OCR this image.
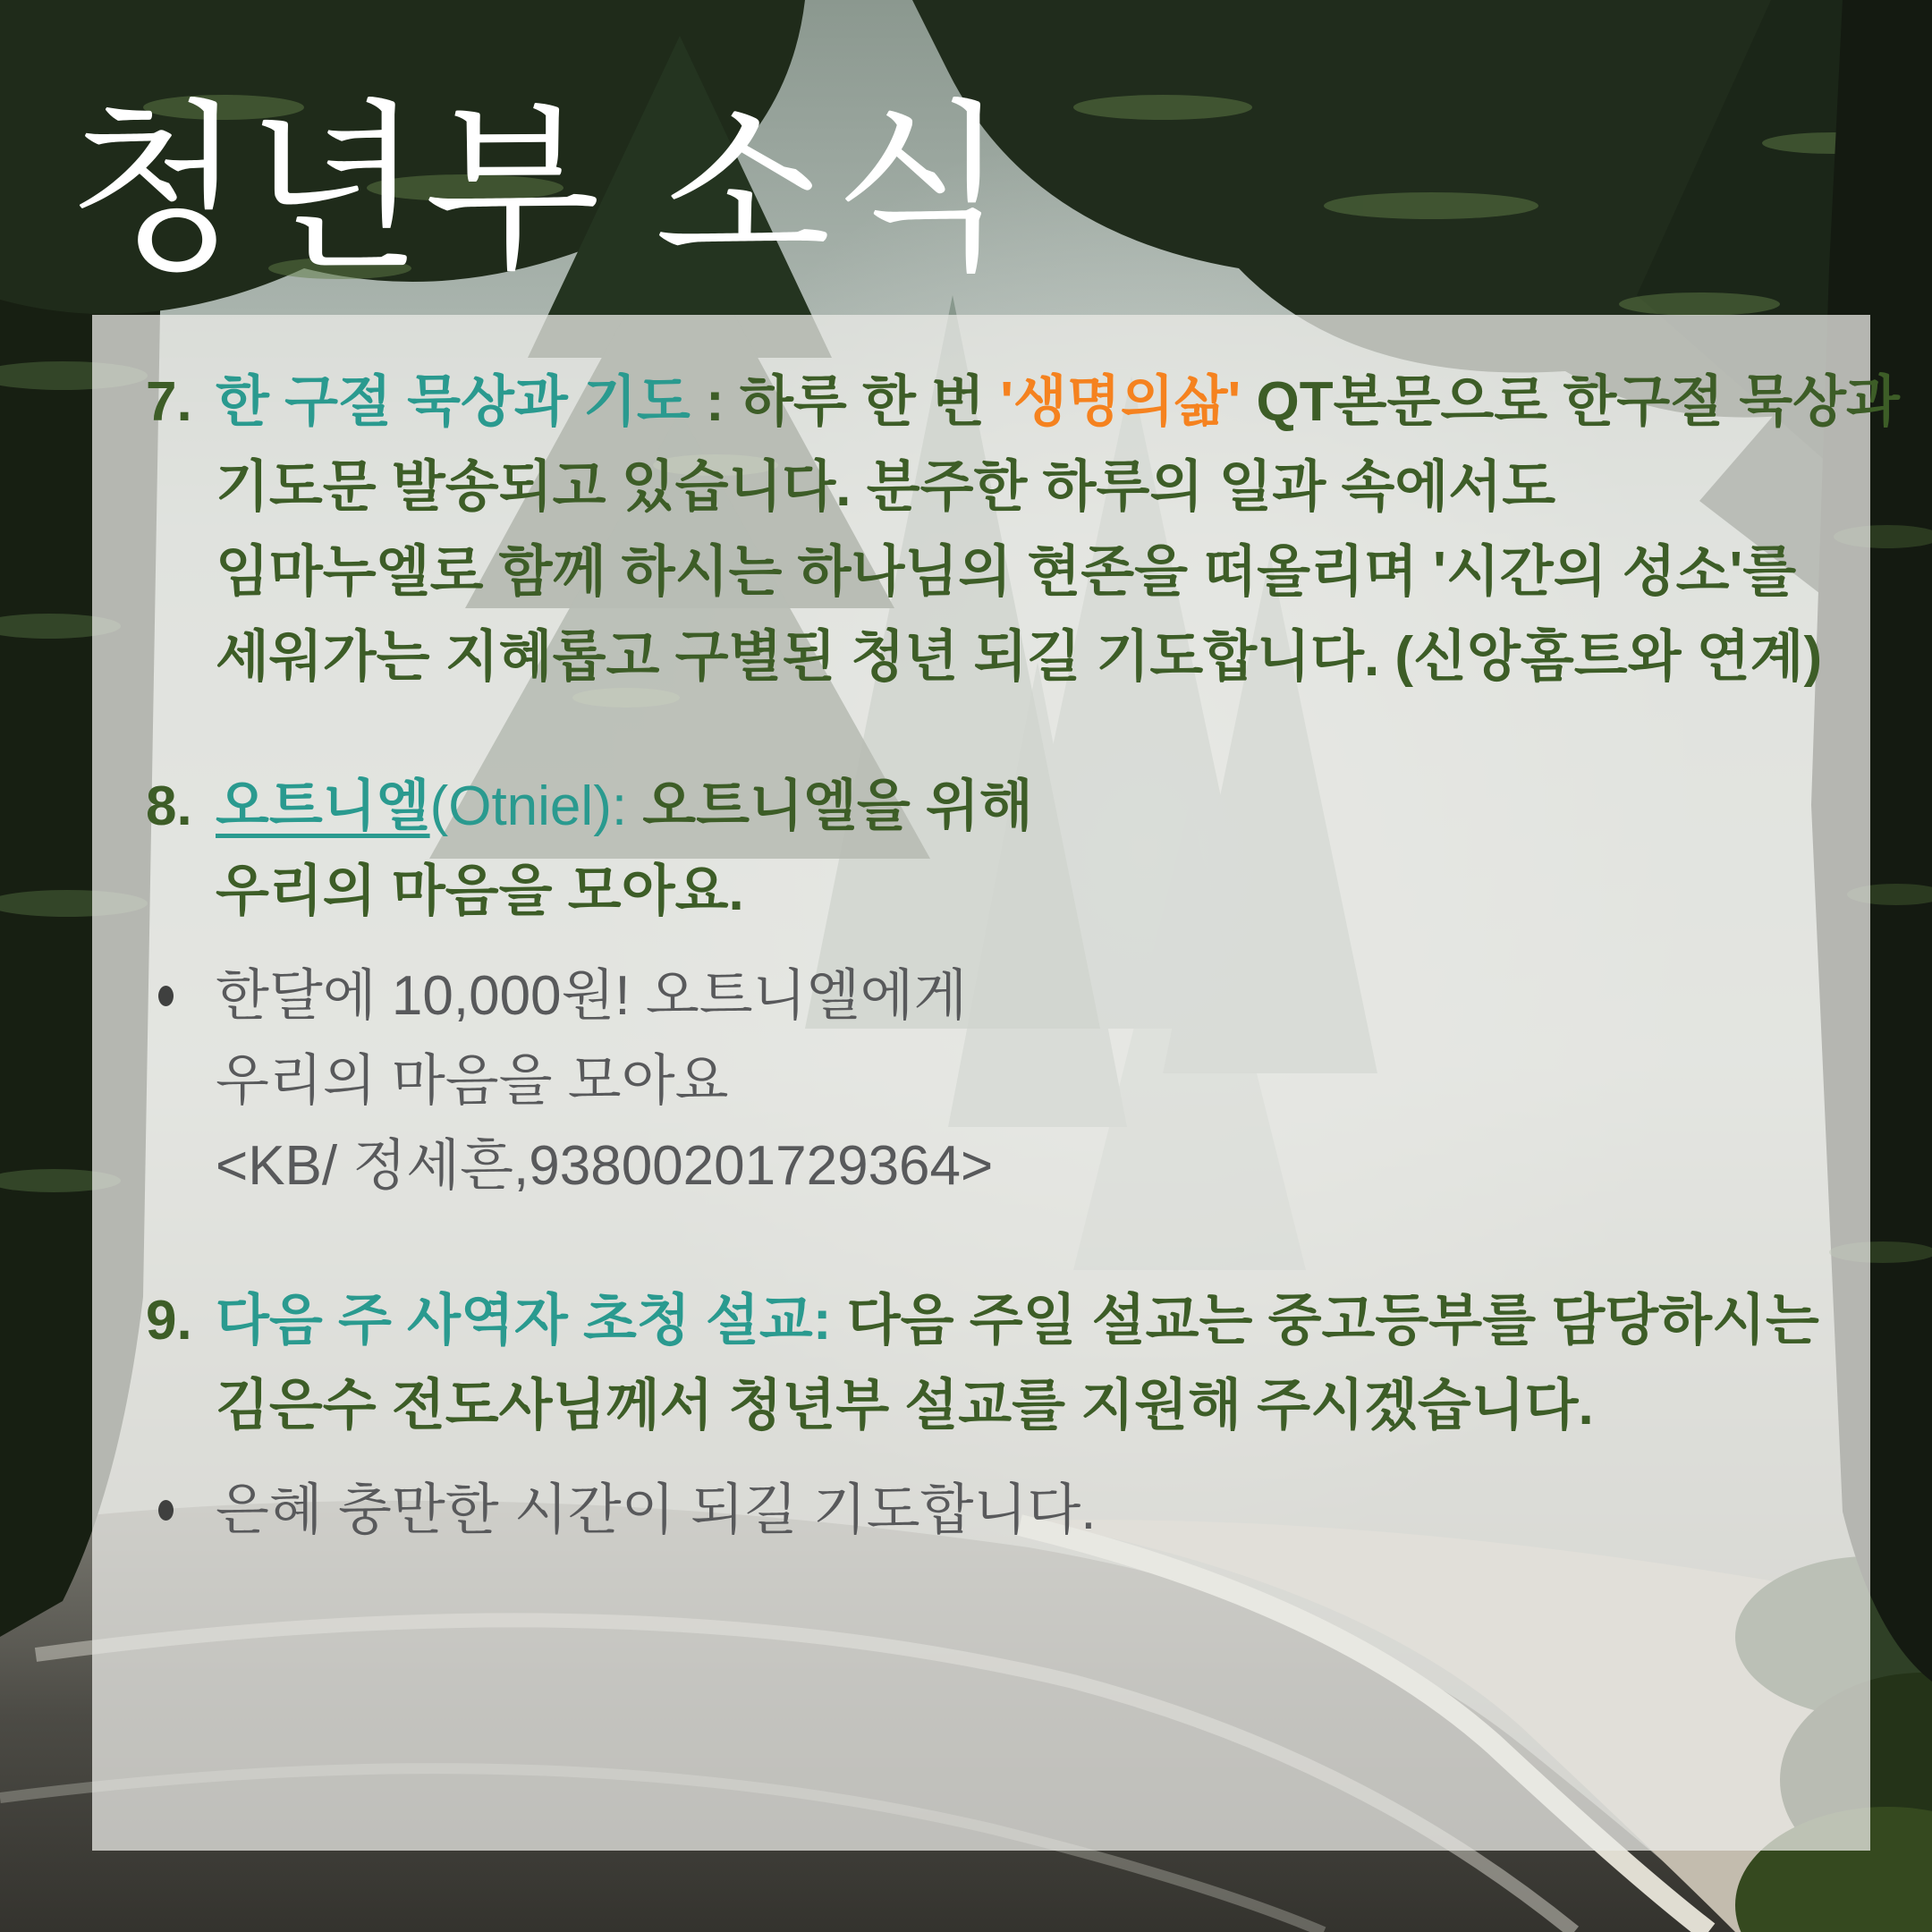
청년부 소식
7. 한 구절 묵상과 기도 : 하루 한 번 '생명의삶' QT본문으로 한구절 묵상과
기도문 발송되고 있습니다. 분주한 하루의 일과 속에서도
임마누엘로 함께 하시는 하나님의 현존을 떠올리며 '시간의 성소'를
세워가는 지혜롭고 구별된 청년 되길 기도합니다. (신앙홈트와 연계)
8. 오트니엘(Otniel): 오트니엘을 위해
우리의 마음을 모아요.
한달에 10,000원! 오트니엘에게
우리의 마음을 모아요
<KB/ 정세흔,93800201729364>
9. 다음 주 사역자 초청 설교: 다음 주일 설교는 중고등부를 담당하시는
김은수 전도사님께서 청년부 설교를 지원해 주시겠습니다.
은혜 충만한 시간이 되길 기도합니다.
